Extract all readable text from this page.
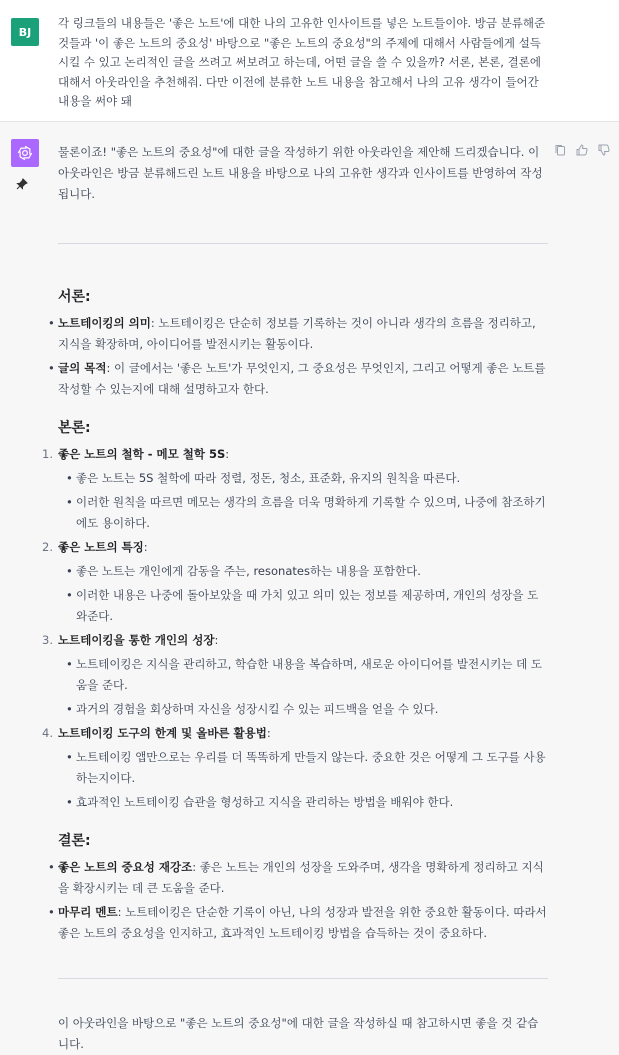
BJ
각 링크들의 내용들은 '좋은 노트'에 대한 나의 고유한 인사이트를 넣은 노트들이야. 방금 분류해준 것들과 '이 좋은 노트의 중요성' 바탕으로 "좋은 노트의 중요성"의 주제에 대해서 사람들에게 설득시킬 수 있고 논리적인 글을 쓰려고 써보려고 하는데, 어떤 글을 쓸 수 있을까? 서론, 본론, 결론에 대해서 아웃라인을 추천해줘. 다만 이전에 분류한 노트 내용을 참고해서 나의 고유 생각이 들어간 내용을 써야 돼

물론이죠! "좋은 노트의 중요성"에 대한 글을 작성하기 위한 아웃라인을 제안해 드리겠습니다. 이 아웃라인은 방금 분류해드린 노트 내용을 바탕으로 나의 고유한 생각과 인사이트를 반영하여 작성됩니다.

서론:
• 노트테이킹의 의미: 노트테이킹은 단순히 정보를 기록하는 것이 아니라 생각의 흐름을 정리하고, 지식을 확장하며, 아이디어를 발전시키는 활동이다.
• 글의 목적: 이 글에서는 '좋은 노트'가 무엇인지, 그 중요성은 무엇인지, 그리고 어떻게 좋은 노트를 작성할 수 있는지에 대해 설명하고자 한다.
본론:
1. 좋은 노트의 철학 - 메모 철학 5S:
• 좋은 노트는 5S 철학에 따라 정렬, 정돈, 청소, 표준화, 유지의 원칙을 따른다.
• 이러한 원칙을 따르면 메모는 생각의 흐름을 더욱 명확하게 기록할 수 있으며, 나중에 참조하기에도 용이하다.
2. 좋은 노트의 특징:
• 좋은 노트는 개인에게 감동을 주는, resonates하는 내용을 포함한다.
• 이러한 내용은 나중에 돌아보았을 때 가치 있고 의미 있는 정보를 제공하며, 개인의 성장을 도와준다.
3. 노트테이킹을 통한 개인의 성장:
• 노트테이킹은 지식을 관리하고, 학습한 내용을 복습하며, 새로운 아이디어를 발전시키는 데 도움을 준다.
• 과거의 경험을 회상하며 자신을 성장시킬 수 있는 피드백을 얻을 수 있다.
4. 노트테이킹 도구의 한계 및 올바른 활용법:
• 노트테이킹 앱만으로는 우리를 더 똑똑하게 만들지 않는다. 중요한 것은 어떻게 그 도구를 사용하는지이다.
• 효과적인 노트테이킹 습관을 형성하고 지식을 관리하는 방법을 배워야 한다.
결론:
• 좋은 노트의 중요성 재강조: 좋은 노트는 개인의 성장을 도와주며, 생각을 명확하게 정리하고 지식을 확장시키는 데 큰 도움을 준다.
• 마무리 멘트: 노트테이킹은 단순한 기록이 아닌, 나의 성장과 발전을 위한 중요한 활동이다. 따라서 좋은 노트의 중요성을 인지하고, 효과적인 노트테이킹 방법을 습득하는 것이 중요하다.

이 아웃라인을 바탕으로 "좋은 노트의 중요성"에 대한 글을 작성하실 때 참고하시면 좋을 것 같습니다.
